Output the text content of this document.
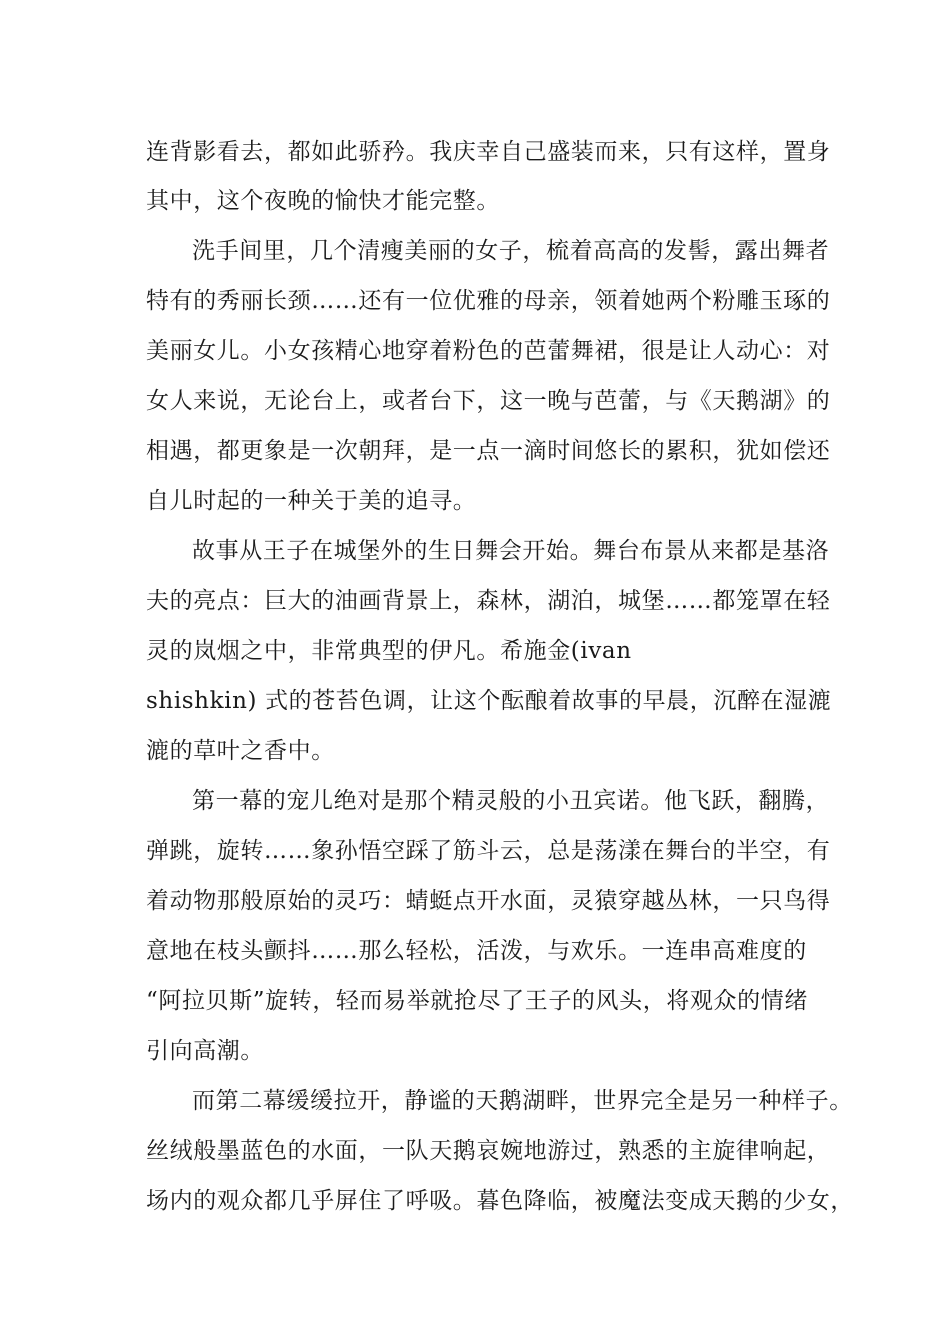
连背影看去，都如此骄矜。我庆幸自己盛装而来，只有这样，置身
其中，这个夜晚的愉快才能完整。
洗手间里，几个清瘦美丽的女子，梳着高高的发髻，露出舞者
特有的秀丽长颈……还有一位优雅的母亲，领着她两个粉雕玉琢的
美丽女儿。小女孩精心地穿着粉色的芭蕾舞裙，很是让人动心：对
女人来说，无论台上，或者台下，这一晚与芭蕾，与《天鹅湖》的
相遇，都更象是一次朝拜，是一点一滴时间悠长的累积，犹如偿还
自儿时起的一种关于美的追寻。
故事从王子在城堡外的生日舞会开始。舞台布景从来都是基洛
夫的亮点：巨大的油画背景上，森林，湖泊，城堡……都笼罩在轻
灵的岚烟之中，非常典型的伊凡。希施金(ivan
shishkin) 式的苍苔色调，让这个酝酿着故事的早晨，沉醉在湿漉
漉的草叶之香中。
第一幕的宠儿绝对是那个精灵般的小丑宾诺。他飞跃，翻腾，
弹跳，旋转……象孙悟空踩了筋斗云，总是荡漾在舞台的半空，有
着动物那般原始的灵巧：蜻蜓点开水面，灵猿穿越丛林，一只鸟得
意地在枝头颤抖……那么轻松，活泼，与欢乐。一连串高难度的
“阿拉贝斯”旋转，轻而易举就抢尽了王子的风头，将观众的情绪
引向高潮。
而第二幕缓缓拉开，静谧的天鹅湖畔，世界完全是另一种样子。
丝绒般墨蓝色的水面，一队天鹅哀婉地游过，熟悉的主旋律响起，
场内的观众都几乎屏住了呼吸。暮色降临，被魔法变成天鹅的少女，
